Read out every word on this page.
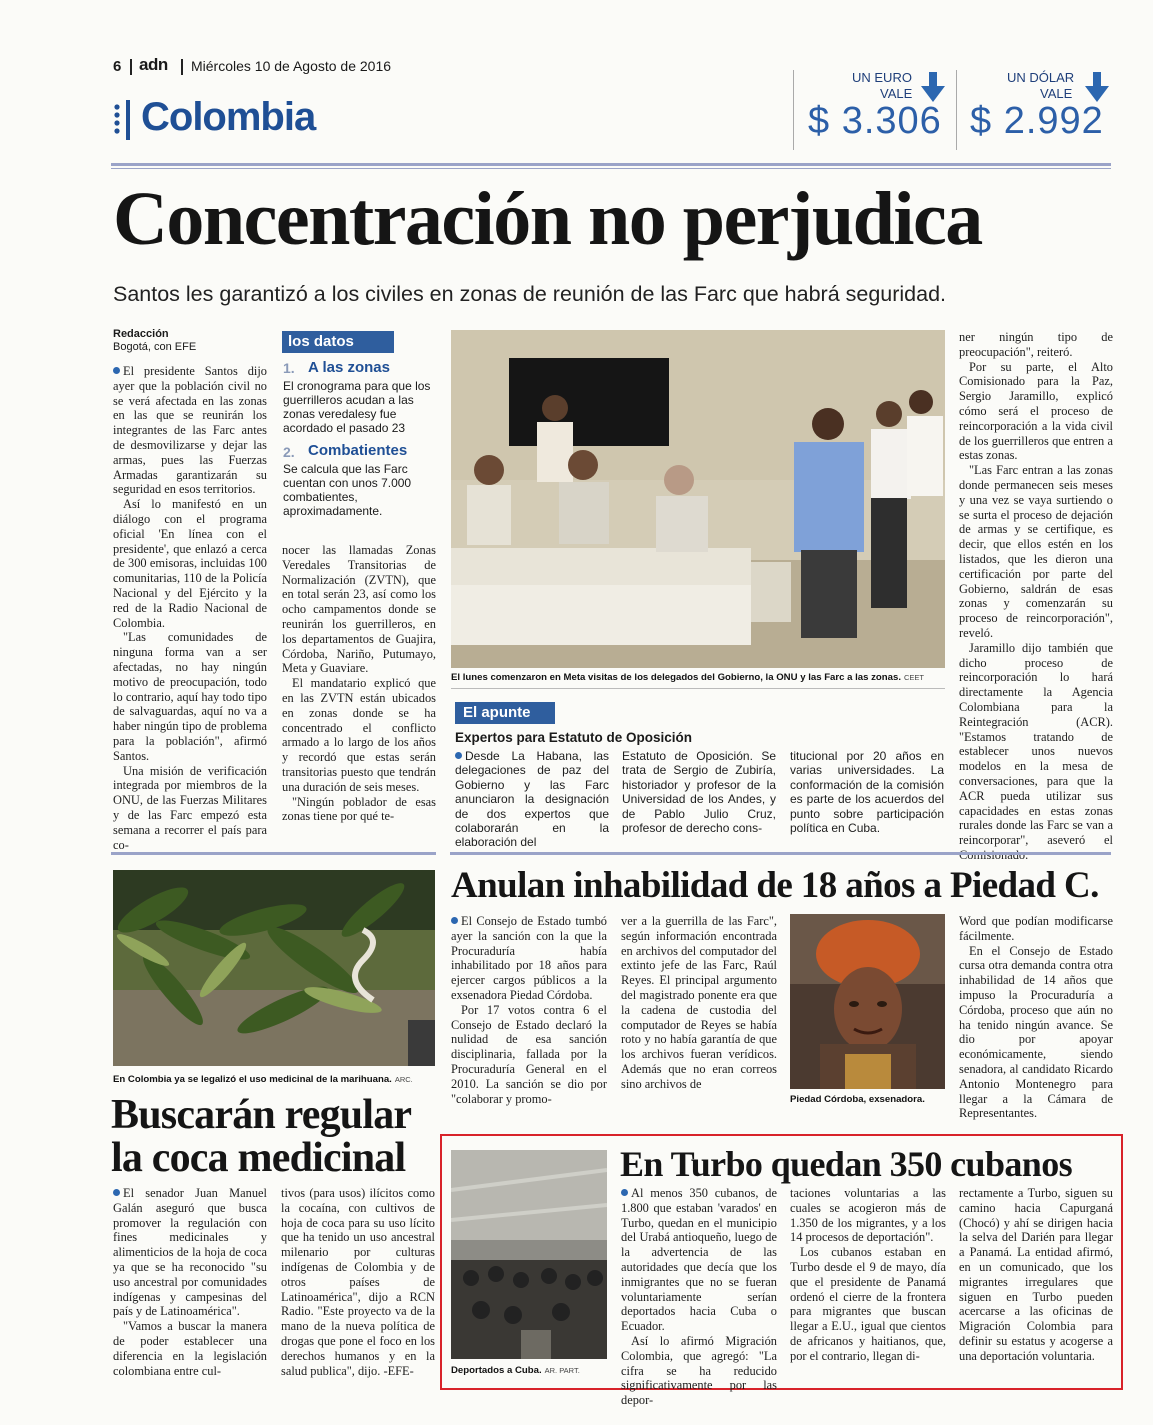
6 adn Miércoles 10 de Agosto de 2016
Colombia
UN EURO
VALE
$ 3.306
UN DÓLAR
VALE
$ 2.992
Concentración no perjudica
Santos les garantizó a los civiles en zonas de reunión de las Farc que habrá seguridad.
Redacción
Bogotá, con EFE

El presidente Santos dijo ayer que la población civil no se verá afectada en las zonas en las que se reunirán los integrantes de las Farc antes de desmovilizarse y dejar las armas, pues las Fuerzas Armadas garantizarán su seguridad en esos territorios.

Así lo manifestó en un diálogo con el programa oficial 'En línea con el presidente', que enlazó a cerca de 300 emisoras, incluidas 100 comunitarias, 110 de la Policía Nacional y del Ejército y la red de la Radio Nacional de Colombia.

"Las comunidades de ninguna forma van a ser afectadas, no hay ningún motivo de preocupación, todo lo contrario, aquí hay todo tipo de salvaguardas, aquí no va a haber ningún tipo de problema para la población", afirmó Santos.

Una misión de verificación integrada por miembros de la ONU, de las Fuerzas Militares y de las Farc empezó esta semana a recorrer el país para co-

los datos
1. A las zonas
El cronograma para que los guerrilleros acudan a las zonas veredalesy fue acordado el pasado 23
2. Combatientes
Se calcula que las Farc cuentan con unos 7.000 combatientes, aproximadamente.

nocer las llamadas Zonas Veredales Transitorias de Normalización (ZVTN), que en total serán 23, así como los ocho campamentos donde se reunirán los guerrilleros, en los departamentos de Guajira, Córdoba, Nariño, Putumayo, Meta y Guaviare.

El mandatario explicó que en las ZVTN están ubicados en zonas donde se ha concentrado el conflicto armado a lo largo de los años y recordó que estas serán transitorias puesto que tendrán una duración de seis meses.

"Ningún poblador de esas zonas tiene por qué te-

El lunes comenzaron en Meta visitas de los delegados del Gobierno, la ONU y las Farc a las zonas. CEET
El apunte
Expertos para Estatuto de Oposición
Desde La Habana, las delegaciones de paz del Gobierno y las Farc anunciaron la designación de dos expertos que colaborarán en la elaboración del
Estatuto de Oposición. Se trata de Sergio de Zubiría, historiador y profesor de la Universidad de los Andes, y de Pablo Julio Cruz, profesor de derecho cons-
titucional por 20 años en varias universidades. La conformación de la comisión es parte de los acuerdos del punto sobre participación política en Cuba.

ner ningún tipo de preocupación", reiteró.

Por su parte, el Alto Comisionado para la Paz, Sergio Jaramillo, explicó cómo será el proceso de reincorporación a la vida civil de los guerrilleros que entren a estas zonas.

"Las Farc entran a las zonas donde permanecen seis meses y una vez se vaya surtiendo o se surta el proceso de dejación de armas y se certifique, es decir, que ellos estén en los listados, que les dieron una certificación por parte del Gobierno, saldrán de esas zonas y comenzarán su proceso de reincorporación", reveló.

Jaramillo dijo también que dicho proceso de reincorporación lo hará directamente la Agencia Colombiana para la Reintegración (ACR). "Estamos tratando de establecer unos nuevos modelos en la mesa de conversaciones, para que la ACR pueda utilizar sus capacidades en estas zonas rurales donde las Farc se van a reincorporar", aseveró el

En Colombia ya se legalizó el uso medicinal de la marihuana. ARC.
Buscarán regular
la coca medicinal

El senador Juan Manuel Galán aseguró que busca promover la regulación con fines medicinales y alimenticios de la hoja de coca ya que se ha reconocido "su uso ancestral por comunidades indígenas y campesinas del país y de Latinoamérica".

"Vamos a buscar la manera de poder establecer una diferencia en la legislación colombiana entre cul-

tivos (para usos) ilícitos como la cocaína, con cultivos de hoja de coca para su uso lícito que ha tenido un uso ancestral milenario por culturas indígenas de Colombia y de otros países de Latinoamérica", dijo a RCN Radio. "Este proyecto va de la mano de la nueva política de drogas que pone el foco en los derechos humanos y en la salud publica", dijo. -EFE-

Anulan inhabilidad de 18 años a Piedad C.

El Consejo de Estado tumbó ayer la sanción con la que la Procuraduría había inhabilitado por 18 años para ejercer cargos públicos a la exsenadora Piedad Córdoba.

Por 17 votos contra 6 el Consejo de Estado declaró la nulidad de esa sanción disciplinaria, fallada por la Procuraduría General en el 2010. La sanción se dio por "colaborar y promo-

ver a la guerrilla de las Farc", según información encontrada en archivos del computador del extinto jefe de las Farc, Raúl Reyes. El principal argumento del magistrado ponente era que la cadena de custodia del computador de Reyes se había roto y no había garantía de que los archivos fueran verídicos. Además que no eran correos sino archivos de

Piedad Córdoba, exsenadora.

Word que podían modificarse fácilmente.

En el Consejo de Estado cursa otra demanda contra otra inhabilidad de 14 años que impuso la Procuraduría a Córdoba, proceso que aún no ha tenido ningún avance. Se dio por apoyar económicamente, siendo senadora, al candidato Ricardo Antonio Montenegro para llegar a la Cámara de Representantes.

En Turbo quedan 350 cubanos
Deportados a Cuba. AR. PART.

Al menos 350 cubanos, de 1.800 que estaban 'varados' en Turbo, quedan en el municipio del Urabá antioqueño, luego de la advertencia de las autoridades que decía que los inmigrantes que no se fueran voluntariamente serían deportados hacia Cuba o Ecuador.

Así lo afirmó Migración Colombia, que agregó: "La cifra se ha reducido significativamente por las depor-

taciones voluntarias a las cuales se acogieron más de 1.350 de los migrantes, y a los 14 procesos de deportación".

Los cubanos estaban en Turbo desde el 9 de mayo, día que el presidente de Panamá ordenó el cierre de la frontera para migrantes que buscan llegar a E.U., igual que cientos de africanos y haitianos, que, por el contrario, llegan di-

rectamente a Turbo, siguen su camino hacia Capurganá (Chocó) y ahí se dirigen hacia la selva del Darién para llegar a Panamá. La entidad afirmó, en un comunicado, que los migrantes irregulares que siguen en Turbo pueden acercarse a las oficinas de Migración Colombia para definir su estatus y acogerse a una deportación voluntaria.
